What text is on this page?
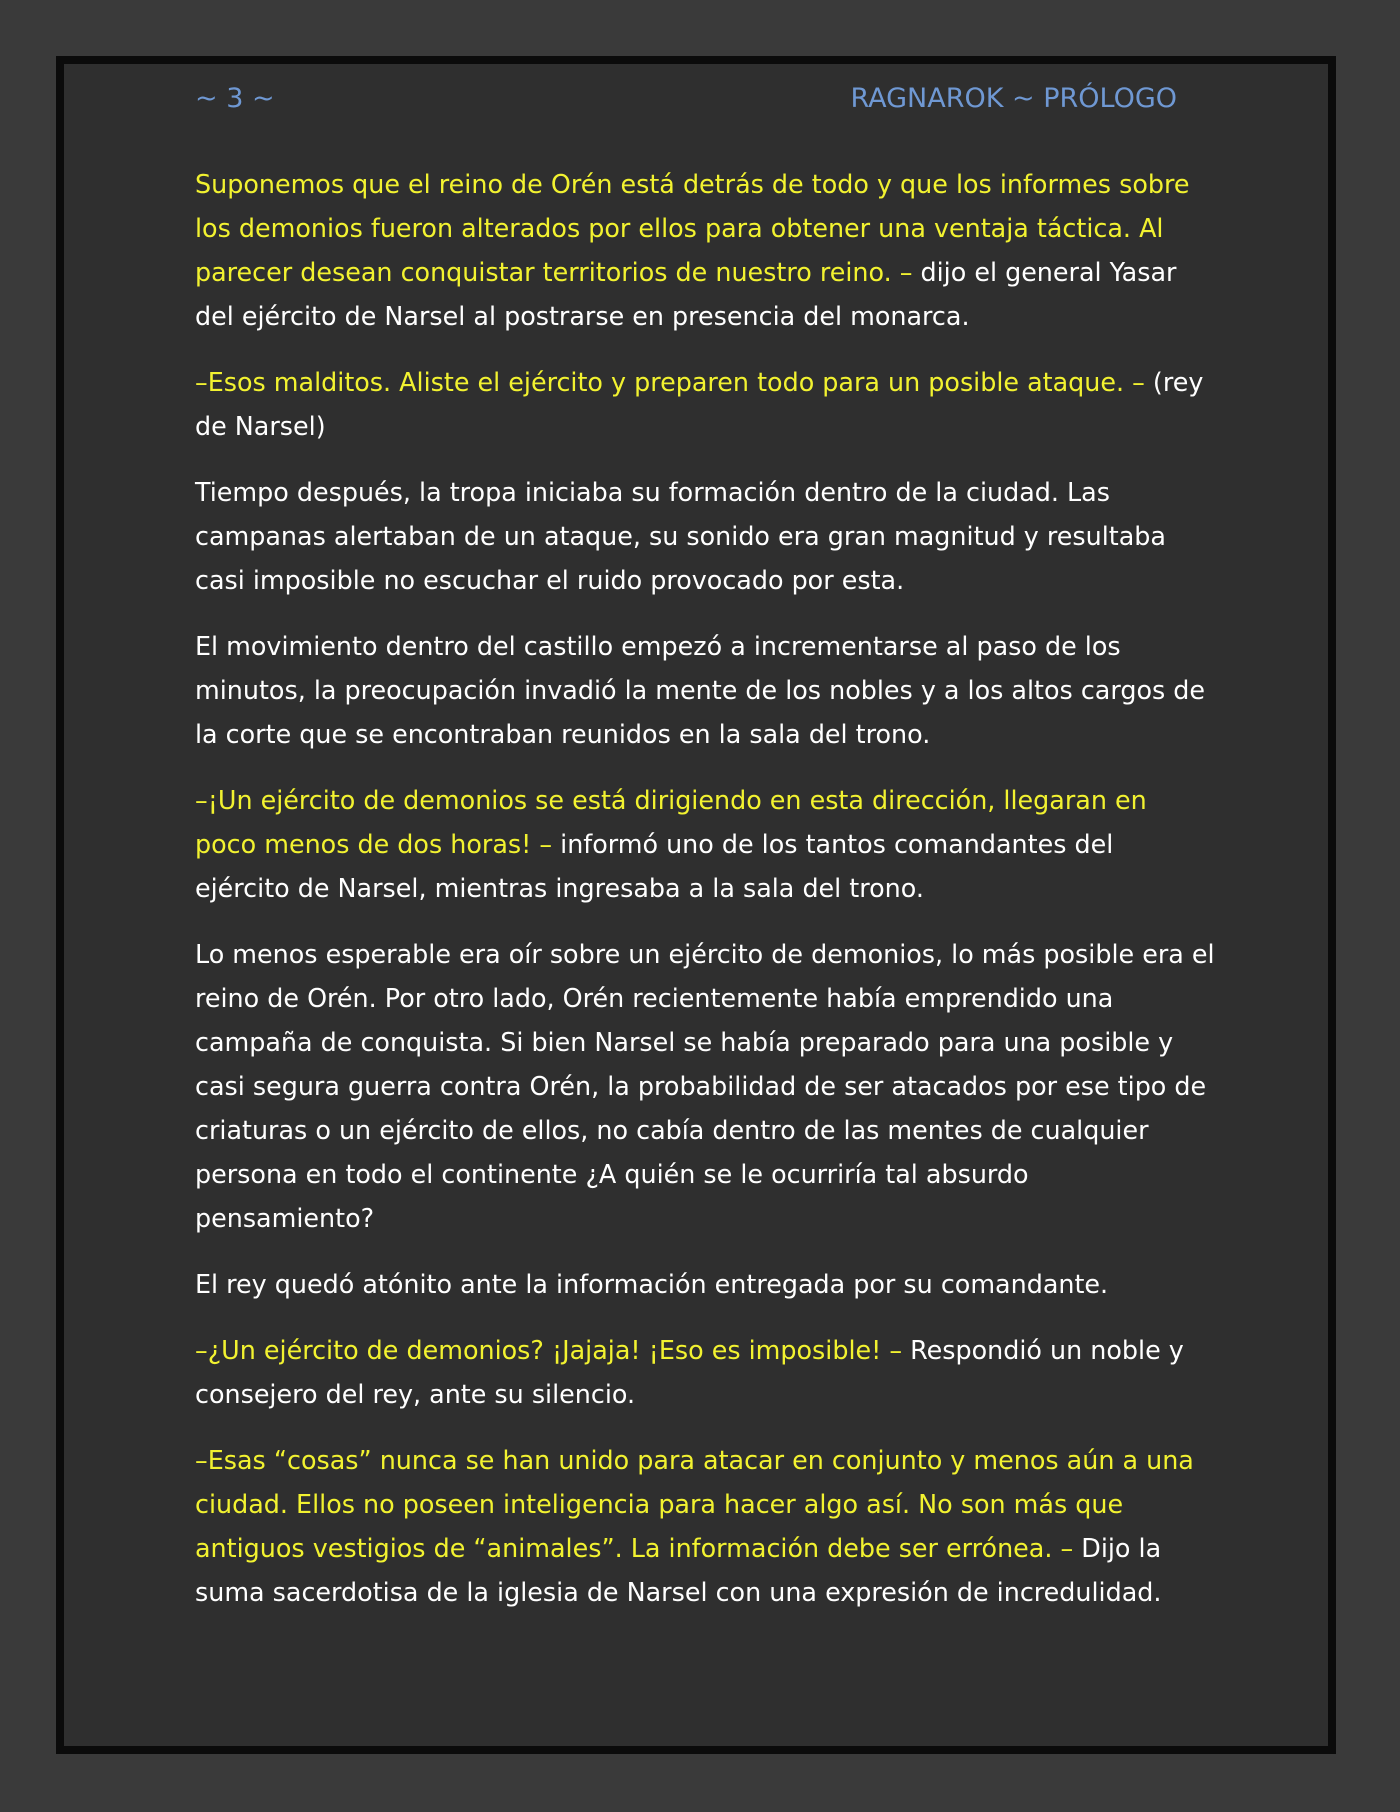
~ 3 ~	RAGNAROK ~ PRÓLOGO

Suponemos que el reino de Orén está detrás de todo y que los informes sobre los demonios fueron alterados por ellos para obtener una ventaja táctica. Al parecer desean conquistar territorios de nuestro reino. – dijo el general Yasar del ejército de Narsel al postrarse en presencia del monarca.

–Esos malditos. Aliste el ejército y preparen todo para un posible ataque. – (rey de Narsel)

Tiempo después, la tropa iniciaba su formación dentro de la ciudad. Las campanas alertaban de un ataque, su sonido era gran magnitud y resultaba casi imposible no escuchar el ruido provocado por esta.

El movimiento dentro del castillo empezó a incrementarse al paso de los minutos, la preocupación invadió la mente de los nobles y a los altos cargos de la corte que se encontraban reunidos en la sala del trono.

–¡Un ejército de demonios se está dirigiendo en esta dirección, llegaran en poco menos de dos horas! – informó uno de los tantos comandantes del ejército de Narsel, mientras ingresaba a la sala del trono.

Lo menos esperable era oír sobre un ejército de demonios, lo más posible era el reino de Orén. Por otro lado, Orén recientemente había emprendido una campaña de conquista. Si bien Narsel se había preparado para una posible y casi segura guerra contra Orén, la probabilidad de ser atacados por ese tipo de criaturas o un ejército de ellos, no cabía dentro de las mentes de cualquier persona en todo el continente ¿A quién se le ocurriría tal absurdo pensamiento?

El rey quedó atónito ante la información entregada por su comandante.

–¿Un ejército de demonios? ¡Jajaja! ¡Eso es imposible! – Respondió un noble y consejero del rey, ante su silencio.

–Esas “cosas” nunca se han unido para atacar en conjunto y menos aún a una ciudad. Ellos no poseen inteligencia para hacer algo así. No son más que antiguos vestigios de “animales”. La información debe ser errónea. – Dijo la suma sacerdotisa de la iglesia de Narsel con una expresión de incredulidad.
